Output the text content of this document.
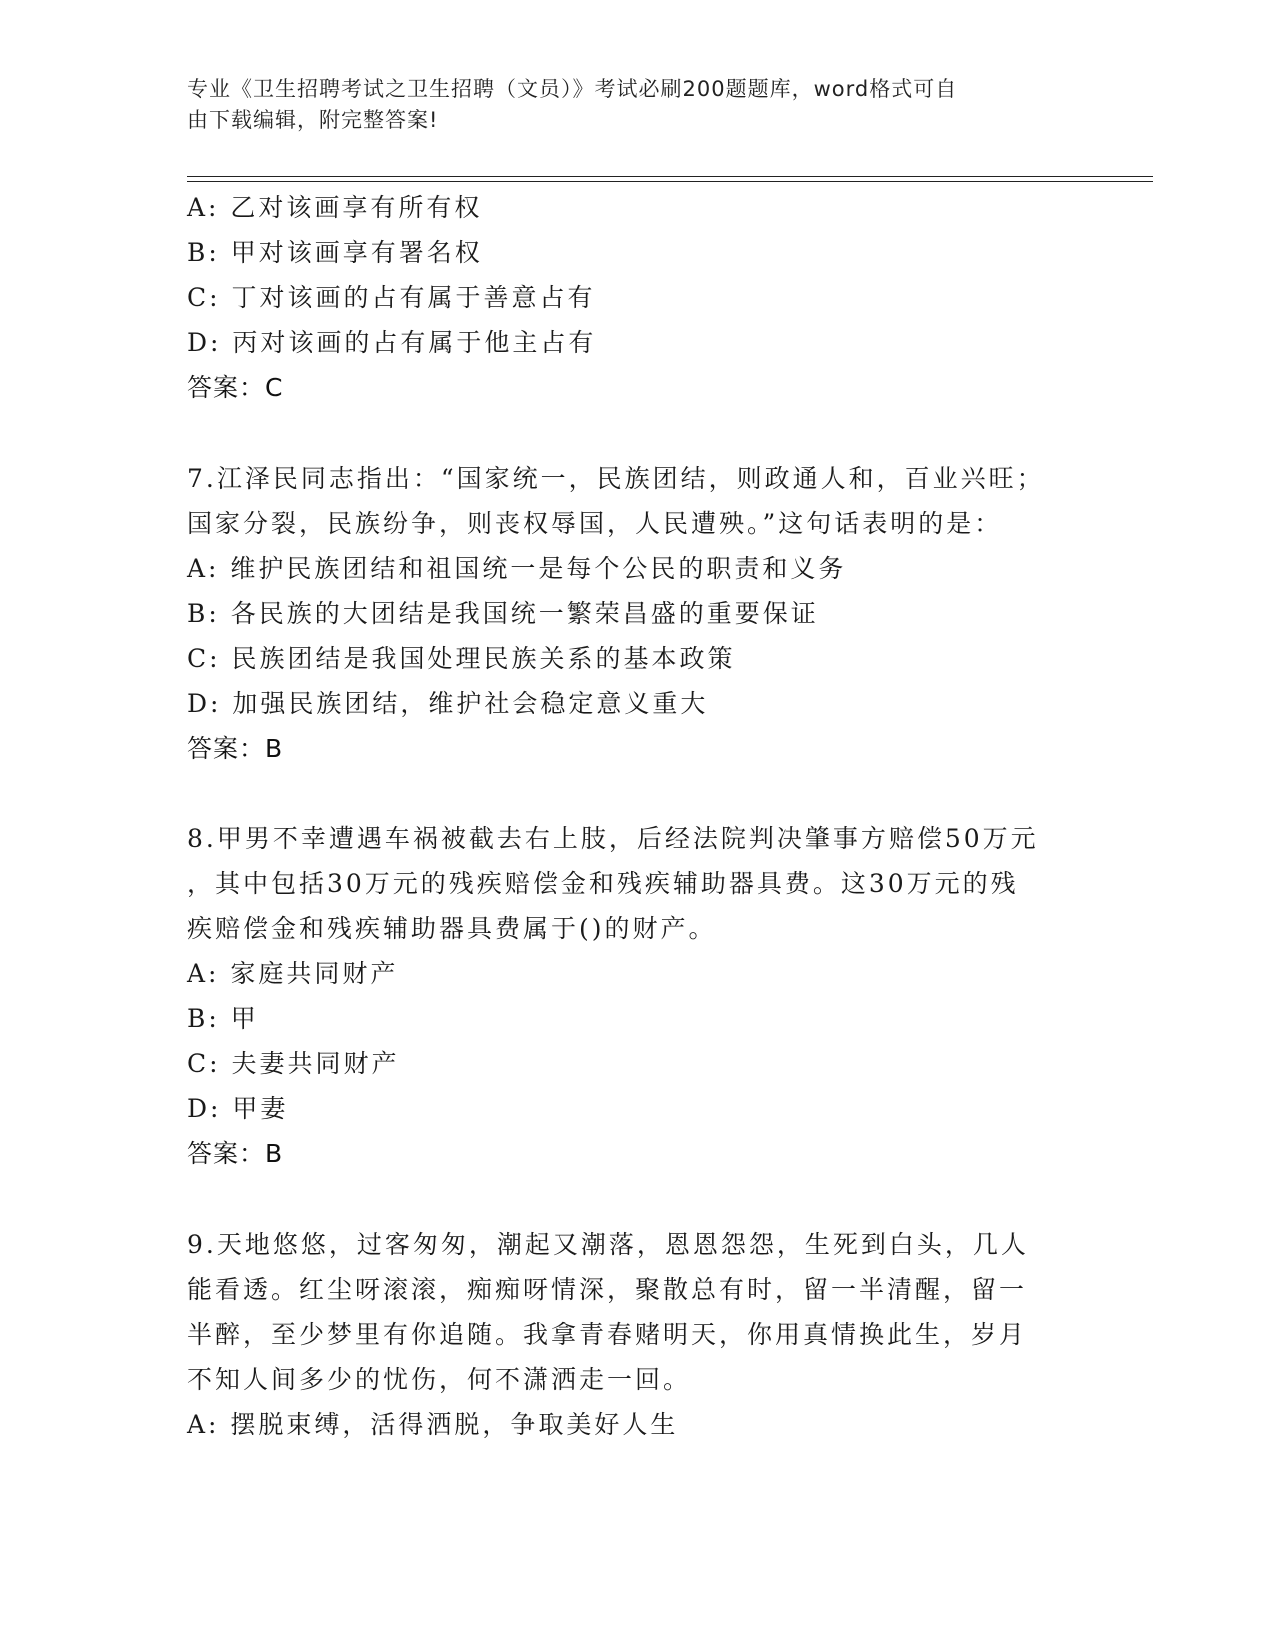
专业《卫生招聘考试之卫生招聘（文员）》考试必刷200题题库，word格式可自
由下载编辑，附完整答案!
A: 乙对该画享有所有权
B: 甲对该画享有署名权
C: 丁对该画的占有属于善意占有
D: 丙对该画的占有属于他主占有
答案：C
7.江泽民同志指出：“国家统一，民族团结，则政通人和，百业兴旺；
国家分裂，民族纷争，则丧权辱国，人民遭殃。”这句话表明的是：
A: 维护民族团结和祖国统一是每个公民的职责和义务
B: 各民族的大团结是我国统一繁荣昌盛的重要保证
C: 民族团结是我国处理民族关系的基本政策
D: 加强民族团结，维护社会稳定意义重大
答案：B
8.甲男不幸遭遇车祸被截去右上肢，后经法院判决肇事方赔偿50万元
，其中包括30万元的残疾赔偿金和残疾辅助器具费。这30万元的残
疾赔偿金和残疾辅助器具费属于()的财产。
A: 家庭共同财产
B: 甲
C: 夫妻共同财产
D: 甲妻
答案：B
9.天地悠悠，过客匆匆，潮起又潮落，恩恩怨怨，生死到白头，几人
能看透。红尘呀滚滚，痴痴呀情深，聚散总有时，留一半清醒，留一
半醉，至少梦里有你追随。我拿青春赌明天，你用真情换此生，岁月
不知人间多少的忧伤，何不潇洒走一回。
A: 摆脱束缚，活得洒脱，争取美好人生
